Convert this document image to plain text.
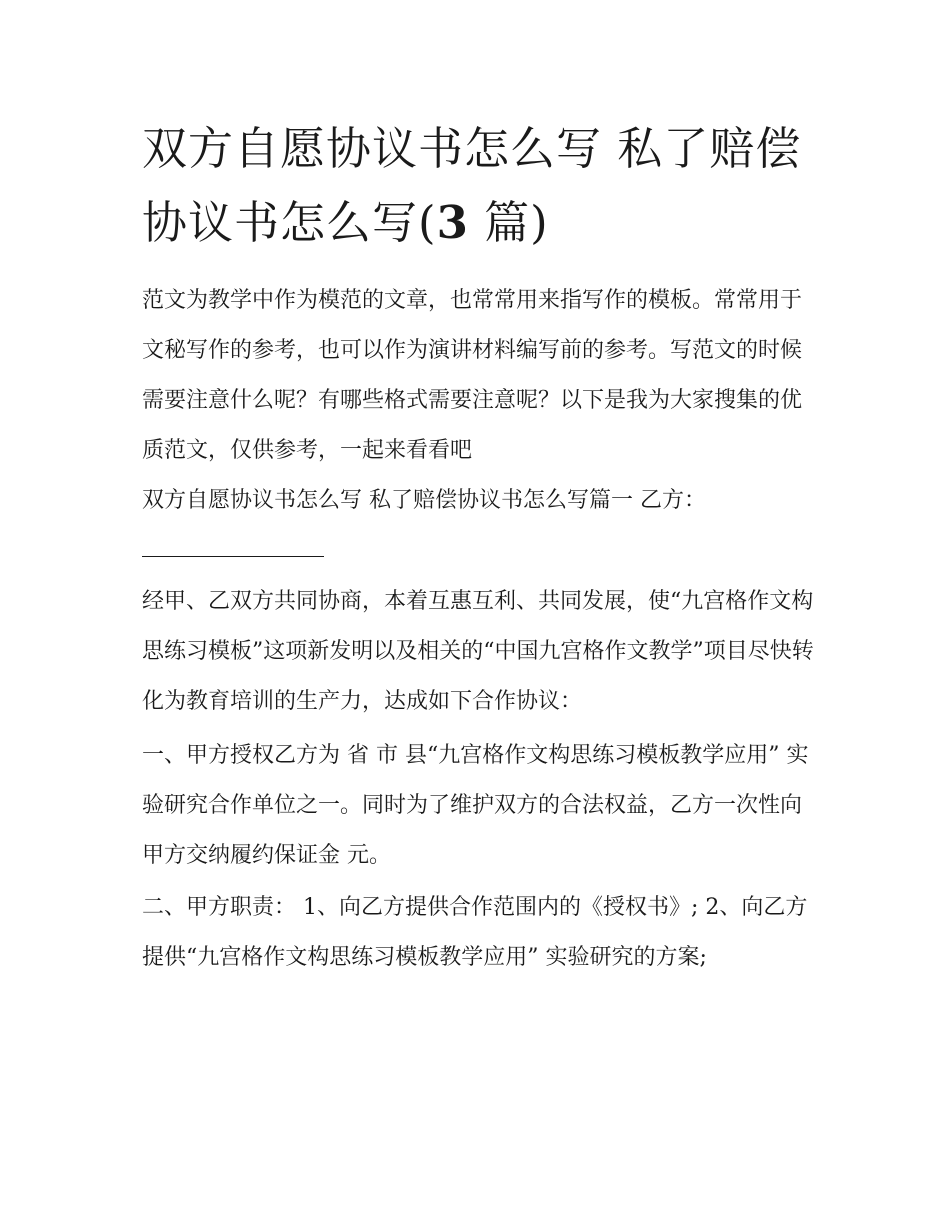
双方自愿协议书怎么写 私了赔偿协议书怎么写(3 篇)

范文为教学中作为模范的文章，也常常用来指写作的模板。常常用于文秘写作的参考，也可以作为演讲材料编写前的参考。写范文的时候需要注意什么呢？有哪些格式需要注意呢？以下是我为大家搜集的优质范文，仅供参考，一起来看看吧

双方自愿协议书怎么写 私了赔偿协议书怎么写篇一 乙方：

经甲、乙双方共同协商，本着互惠互利、共同发展，使“九宫格作文构思练习模板”这项新发明以及相关的“中国九宫格作文教学”项目尽快转化为教育培训的生产力，达成如下合作协议：

一、甲方授权乙方为 省 市 县“九宫格作文构思练习模板教学应用” 实验研究合作单位之一。同时为了维护双方的合法权益，乙方一次性向甲方交纳履约保证金 元。

二、甲方职责： 1、向乙方提供合作范围内的《授权书》; 2、向乙方提供“九宫格作文构思练习模板教学应用” 实验研究的方案;
